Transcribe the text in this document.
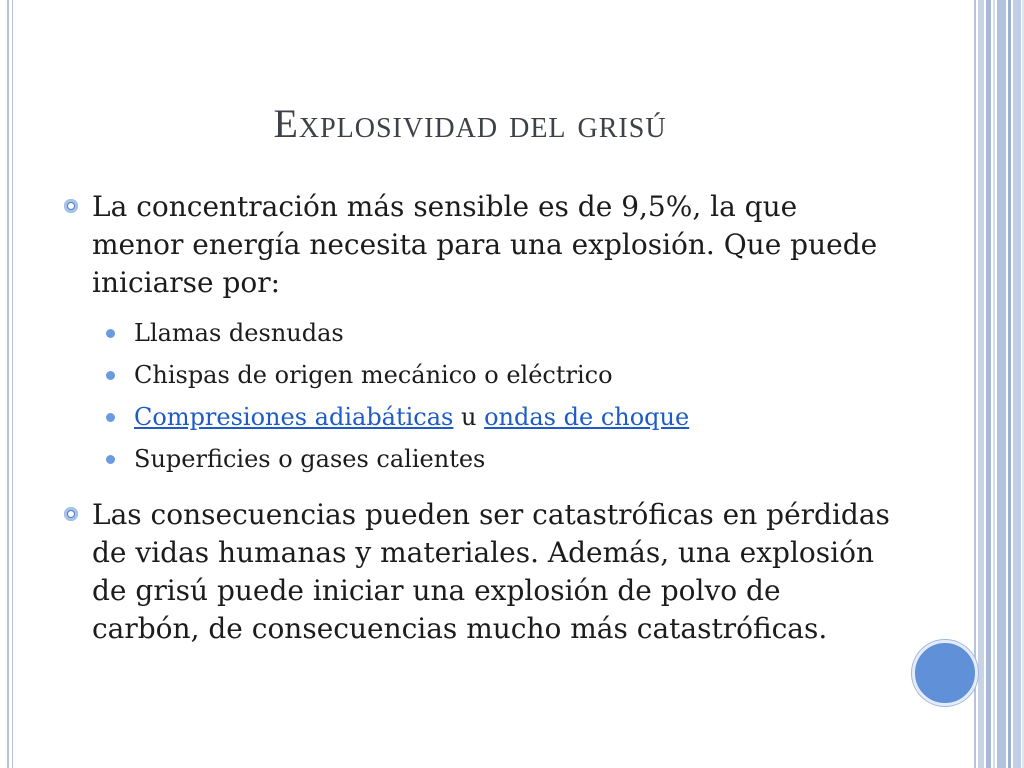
Explosividad del grisú
La concentración más sensible es de 9,5%, la que menor energía necesita para una explosión. Que puede iniciarse por:
Llamas desnudas
Chispas de origen mecánico o eléctrico
Compresiones adiabáticas u ondas de choque
Superficies o gases calientes
Las consecuencias pueden ser catastróficas en pérdidas de vidas humanas y materiales. Además, una explosión de grisú puede iniciar una explosión de polvo de carbón, de consecuencias mucho más catastróficas.
